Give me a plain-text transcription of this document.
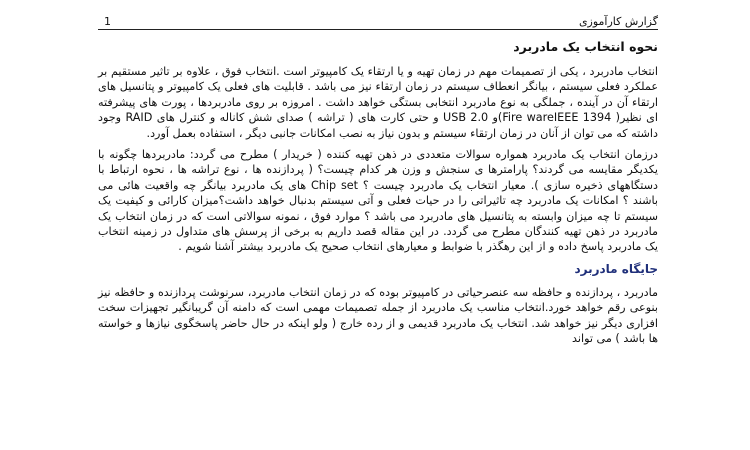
1	گزارش کارآموزی
نحوه انتخاب یک مادربرد

انتخاب مادربرد ، یکی از تصمیمات مهم در زمان تهیه و یا ارتقاء یک کامپیوتر است .انتخاب فوق ، علاوه بر تاثیر مستقیم بر عملکرد فعلی سیستم ، بیانگر انعطاف سیستم در زمان ارتقاء نیز می باشد . قابلیت های فعلی یک کامپیوتر و پتانسیل های ارتقاء آن در آینده ، جملگی به نوع مادربرد انتخابی بستگی خواهد داشت . امروزه بر روی مادربردها ، پورت های پیشرفته ای نظیر( Fire wareIEEE 1394)و USB 2.0 و حتی کارت های ( تراشه ) صدای شش کاناله و کنترل های RAID وجود داشته که می توان از آنان در زمان ارتقاء سیستم و بدون نیاز به نصب امکانات جانبی دیگر ، استفاده بعمل آورد.

درزمان انتخاب یک مادربرد همواره سوالات متعددی در ذهن تهیه کننده ( خریدار ) مطرح می گردد: مادربردها چگونه با یکدیگر مقایسه می گردند؟ پارامترها ی سنجش و وزن هر کدام چیست؟ ( پردازنده ها ، نوع تراشه ها ، نحوه ارتباط با دستگاههای ذخیره سازی ). معیار انتخاب یک مادربرد چیست ؟ Chip set های یک مادربرد بیانگر چه واقعیت هائی می باشند ؟ امکانات یک مادربرد چه تاثیراتی را در حیات فعلی و آتی سیستم بدنبال خواهد داشت؟میزان کارائی و کیفیت یک سیستم تا چه میزان وابسته به پتانسیل های مادربرد می باشد ؟ موارد فوق ، نمونه سوالاتی است که در زمان انتخاب یک مادربرد در ذهن تهیه کنندگان مطرح می گردد. در این مقاله قصد داریم به برخی از پرسش های متداول در زمینه انتخاب یک مادربرد پاسخ داده و از این رهگذر با ضوابط و معیارهای انتخاب صحیح یک مادربرد بیشتر آشنا شویم .

جایگاه مادربرد

مادربرد ، پردازنده و حافظه سه عنصرحیاتی در کامپیوتر بوده که در زمان انتخاب مادربرد، سرنوشت پردازنده و حافظه نیز بنوعی رقم خواهد خورد.انتخاب مناسب یک مادربرد از جمله تصمیمات مهمی است که دامنه آن گریبانگیر تجهیزات سخت افزاری دیگر نیز خواهد شد. انتخاب یک مادربرد قدیمی و از رده خارج ( ولو اینکه در حال حاضر پاسخگوی نیازها و خواسته ها باشد ) می تواند
